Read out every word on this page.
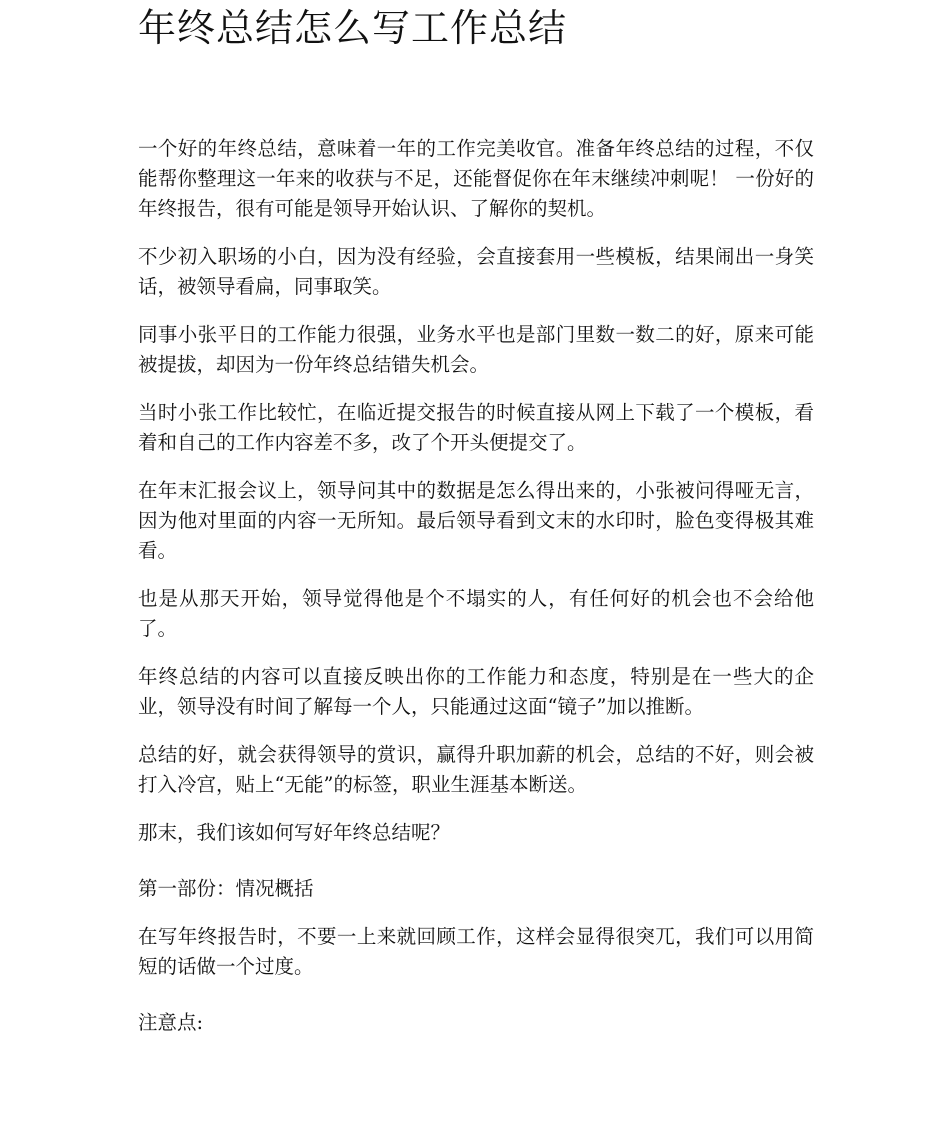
年终总结怎么写工作总结

一个好的年终总结，意味着一年的工作完美收官。准备年终总结的过程，不仅能帮你整理这一年来的收获与不足，还能督促你在年末继续冲刺呢！ 一份好的年终报告，很有可能是领导开始认识、了解你的契机。

不少初入职场的小白，因为没有经验，会直接套用一些模板，结果闹出一身笑话，被领导看扁，同事取笑。

同事小张平日的工作能力很强，业务水平也是部门里数一数二的好，原来可能被提拔，却因为一份年终总结错失机会。

当时小张工作比较忙，在临近提交报告的时候直接从网上下载了一个模板，看着和自己的工作内容差不多，改了个开头便提交了。

在年末汇报会议上，领导问其中的数据是怎么得出来的，小张被问得哑无言，因为他对里面的内容一无所知。最后领导看到文末的水印时，脸色变得极其难看。

也是从那天开始，领导觉得他是个不塌实的人，有任何好的机会也不会给他了。

年终总结的内容可以直接反映出你的工作能力和态度，特别是在一些大的企业，领导没有时间了解每一个人，只能通过这面“镜子”加以推断。

总结的好，就会获得领导的赏识，赢得升职加薪的机会，总结的不好，则会被打入冷宫，贴上“无能”的标签，职业生涯基本断送。

那末，我们该如何写好年终总结呢？

第一部份：情况概括

在写年终报告时，不要一上来就回顾工作，这样会显得很突兀，我们可以用简短的话做一个过度。

注意点:
